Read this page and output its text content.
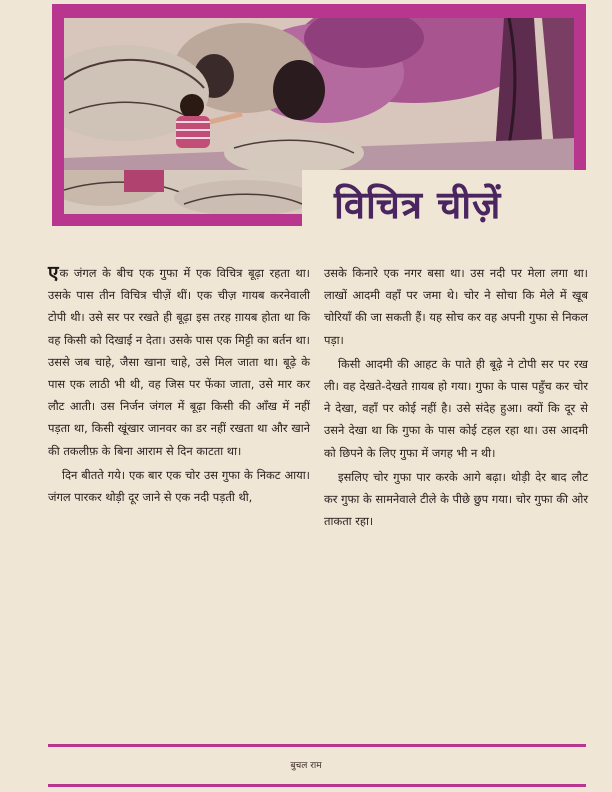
विचित्र चीज़ें

एक जंगल के बीच एक गुफा में एक विचित्र बूढ़ा रहता था। उसके पास तीन विचित्र चीज़ें थीं। एक चीज़ गायब करनेवाली टोपी थी। उसे सर पर रखते ही बूढ़ा इस तरह ग़ायब होता था कि वह किसी को दिखाई न देता। उसके पास एक मिट्टी का बर्तन था। उससे जब चाहे, जैसा खाना चाहे, उसे मिल जाता था। बूढ़े के पास एक लाठी भी थी, वह जिस पर फेंका जाता, उसे मार कर लौट आती। उस निर्जन जंगल में बूढ़ा किसी की आँख में नहीं पड़ता था, किसी खूंखार जानवर का डर नहीं रखता था और खाने की तकलीफ़ के बिना आराम से दिन काटता था।

दिन बीतते गये। एक बार एक चोर उस गुफा के निकट आया। जंगल पारकर थोड़ी दूर जाने से एक नदी पड़ती थी,

उसके किनारे एक नगर बसा था। उस नदी पर मेला लगा था। लाखों आदमी वहाँ पर जमा थे। चोर ने सोचा कि मेले में खूब चोरियाँ की जा सकती हैं। यह सोच कर वह अपनी गुफा से निकल पड़ा।

किसी आदमी की आहट के पाते ही बूढ़े ने टोपी सर पर रख ली। वह देखते-देखते ग़ायब हो गया। गुफा के पास पहुँच कर चोर ने देखा, वहाँ पर कोई नहीं है। उसे संदेह हुआ। क्यों कि दूर से उसने देखा था कि गुफा के पास कोई टहल रहा था। उस आदमी को छिपने के लिए गुफा में जगह भी न थी।

इसलिए चोर गुफा पार करके आगे बढ़ा। थोड़ी देर बाद लौट कर गुफा के सामनेवाले टीले के पीछे छुप गया। चोर गुफा की ओर ताकता रहा।

बुचल राम
